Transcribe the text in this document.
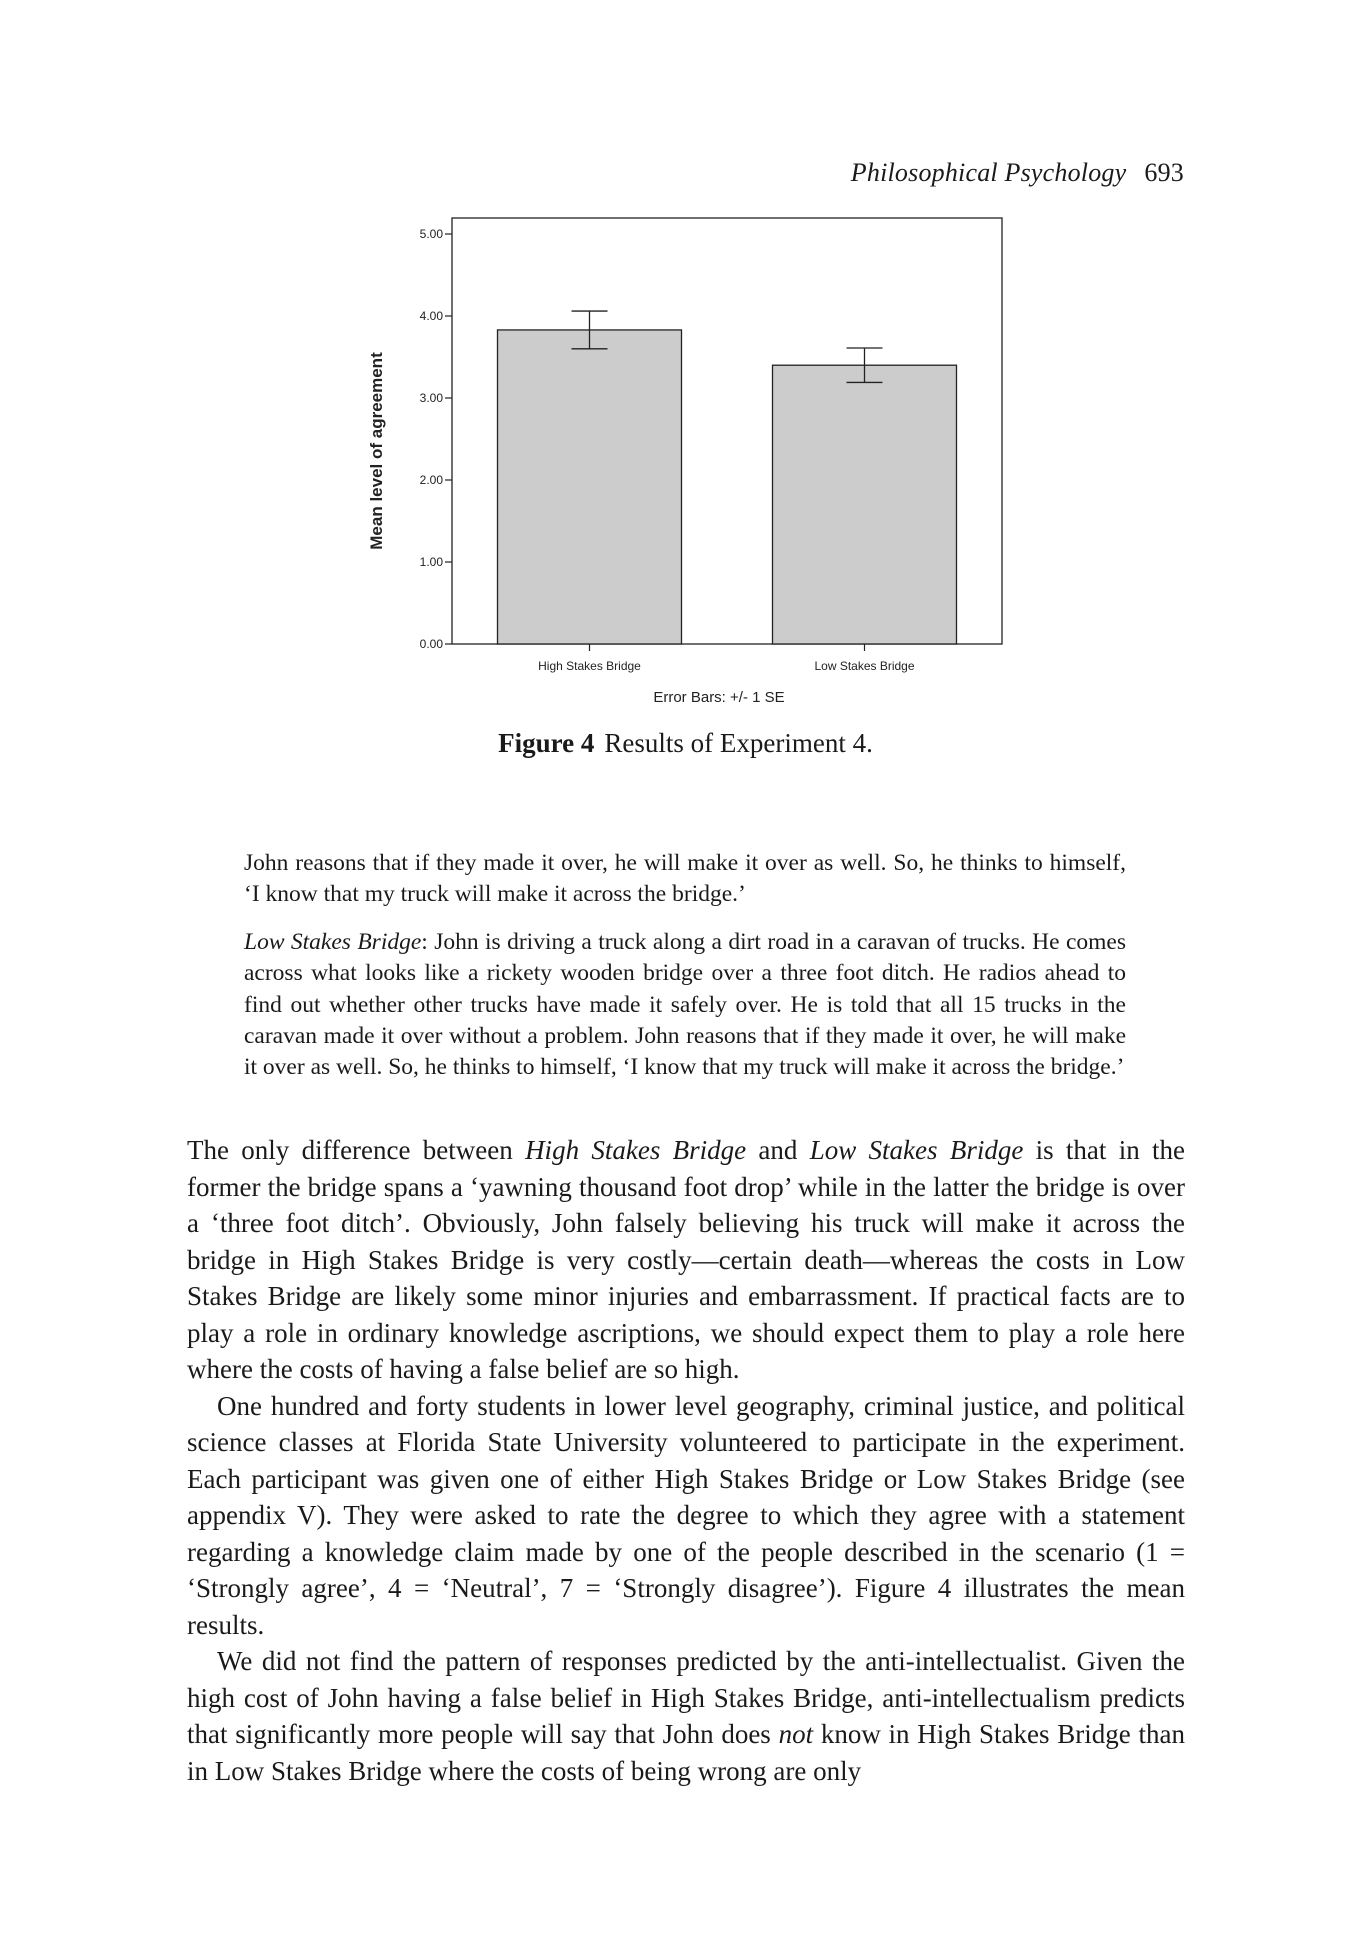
Philosophical Psychology 693
0.00
1.00
2.00
3.00
4.00
5.00
Mean level of agreement
High Stakes Bridge	Low Stakes Bridge
Error Bars: +/- 1 SE
Figure 4 Results of Experiment 4.

John reasons that if they made it over, he will make it over as well. So, he thinks to himself, ‘I know that my truck will make it across the bridge.’

Low Stakes Bridge: John is driving a truck along a dirt road in a caravan of trucks. He comes across what looks like a rickety wooden bridge over a three foot ditch. He radios ahead to find out whether other trucks have made it safely over. He is told that all 15 trucks in the caravan made it over without a problem. John reasons that if they made it over, he will make it over as well. So, he thinks to himself, ‘I know that my truck will make it across the bridge.’

The only difference between High Stakes Bridge and Low Stakes Bridge is that in the former the bridge spans a ‘yawning thousand foot drop’ while in the latter the bridge is over a ‘three foot ditch’. Obviously, John falsely believing his truck will make it across the bridge in High Stakes Bridge is very costly—certain death—whereas the costs in Low Stakes Bridge are likely some minor injuries and embarrassment. If practical facts are to play a role in ordinary knowledge ascriptions, we should expect them to play a role here where the costs of having a false belief are so high.

One hundred and forty students in lower level geography, criminal justice, and political science classes at Florida State University volunteered to participate in the experiment. Each participant was given one of either High Stakes Bridge or Low Stakes Bridge (see appendix V). They were asked to rate the degree to which they agree with a statement regarding a knowledge claim made by one of the people described in the scenario (1 = ‘Strongly agree’, 4 = ‘Neutral’, 7 = ‘Strongly disagree’). Figure 4 illustrates the mean results.

We did not find the pattern of responses predicted by the anti-intellectualist. Given the high cost of John having a false belief in High Stakes Bridge, anti-intellectualism predicts that significantly more people will say that John does not know in High Stakes Bridge than in Low Stakes Bridge where the costs of being wrong are only
